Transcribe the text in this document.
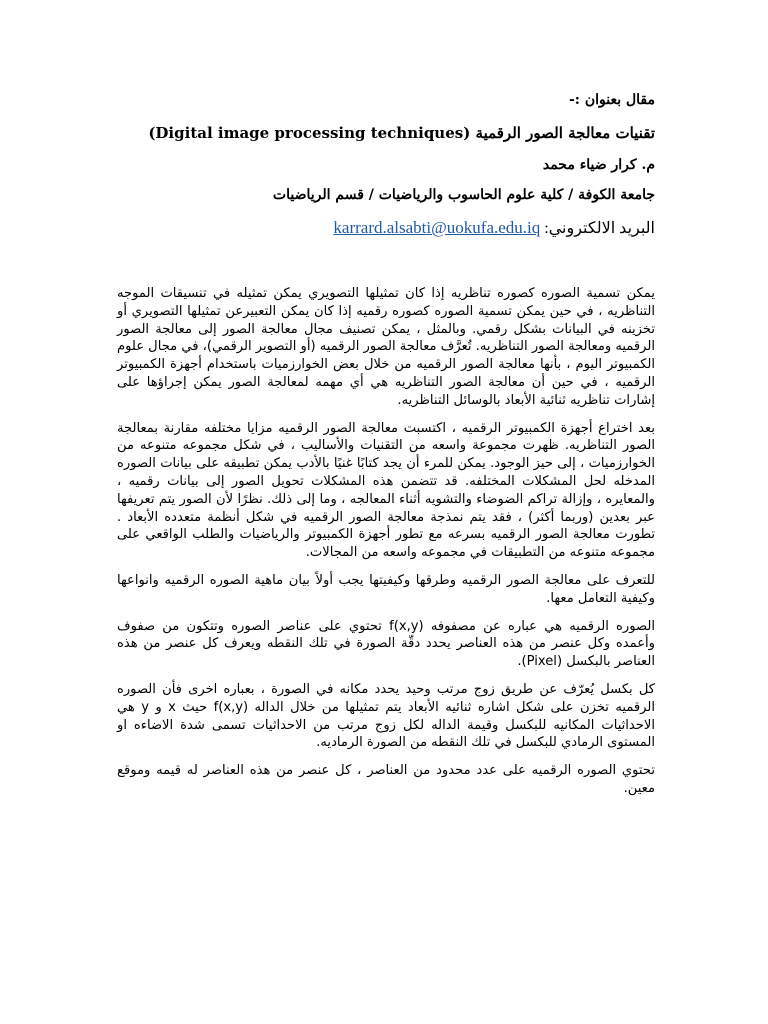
مقال بعنوان :-
تقنيات معالجة الصور الرقمية (Digital image processing techniques)
م. كرار ضياء محمد
جامعة الكوفة / كلية علوم الحاسوب والرياضيات / قسم الرياضيات
البريد الالكتروني: karrard.alsabti@uokufa.edu.iq

يمكن تسمية الصوره كصوره تناظريه إذا كان تمثيلها التصويري يمكن تمثيله في تنسيقات الموجه التناظريه ، في حين يمكن تسمية الصوره كصوره رقميه إذا كان يمكن التعبيرعن تمثيلها التصويري أو تخزينه في البيانات بشكل رقمي. وبالمثل ، يمكن تصنيف مجال معالجة الصور إلى معالجة الصور الرقميه ومعالجة الصور التناظريه. تُعرَّف معالجة الصور الرقميه (أو التصوير الرقمي)، في مجال علوم الكمبيوتر اليوم ، بأنها معالجة الصور الرقميه من خلال بعض الخوارزميات باستخدام أجهزة الكمبيوتر الرقميه ، في حين أن معالجة الصور التناظريه هي أي مهمه لمعالجة الصور يمكن إجراؤها على إشارات تناظريه ثنائية الأبعاد بالوسائل التناظريه.

بعد اختراع أجهزة الكمبيوتر الرقميه ، اكتسبت معالجة الصور الرقميه مزايا مختلفه مقارنة بمعالجة الصور التناظريه. ظهرت مجموعة واسعه من التقنيات والأساليب ، في شكل مجموعه متنوعه من الخوارزميات ، إلى حيز الوجود. يمكن للمرء أن يجد كتابًا غنيًا بالأدب يمكن تطبيقه على بيانات الصوره المدخله لحل المشكلات المختلفه. قد تتضمن هذه المشكلات تحويل الصور إلى بيانات رقميه ، والمعايره ، وإزالة تراكم الضوضاء والتشويه أثناء المعالجه ، وما إلى ذلك. نظرًا لأن الصور يتم تعريفها عبر بعدين (وربما أكثر) ، فقد يتم نمذجة معالجة الصور الرقميه في شكل أنظمة متعدده الأبعاد . تطورت معالجة الصور الرقميه بسرعه مع تطور أجهزة الكمبيوتر والرياضيات والطلب الواقعي على مجموعه متنوعه من التطبيقات في مجموعه واسعه من المجالات.

للتعرف على معالجة الصور الرقميه وطرقها وكيفيتها يجب أولاً بيان ماهية الصوره الرقميه وانواعها وكيفية التعامل معها.

الصوره الرقميه هي عباره عن مصفوفه f(x,y) تحتوي على عناصر الصوره وتتكون من صفوف وأعمده وكل عنصر من هذه العناصر يحدد دقّة الصورة في تلك النقطه ويعرف كل عنصر من هذه العناصر بالبكسل (Pixel).

كل بكسل يُعرّف عن طريق زوج مرتب وحيد يحدد مكانه في الصورة ، بعباره اخرى فأن الصوره الرقميه تخزن على شكل اشاره ثنائيه الأبعاد يتم تمثيلها من خلال الداله f(x,y) حيث x و y هي الاحداثيات المكانيه للبكسل وقيمة الداله لكل زوج مرتب من الاحداثيات تسمى شدة الاضاءه او المستوى الرمادي للبكسل في تلك النقطه من الصورة الرماديه.

تحتوي الصوره الرقميه على عدد محدود من العناصر ، كل عنصر من هذه العناصر له قيمه وموقع معين.
